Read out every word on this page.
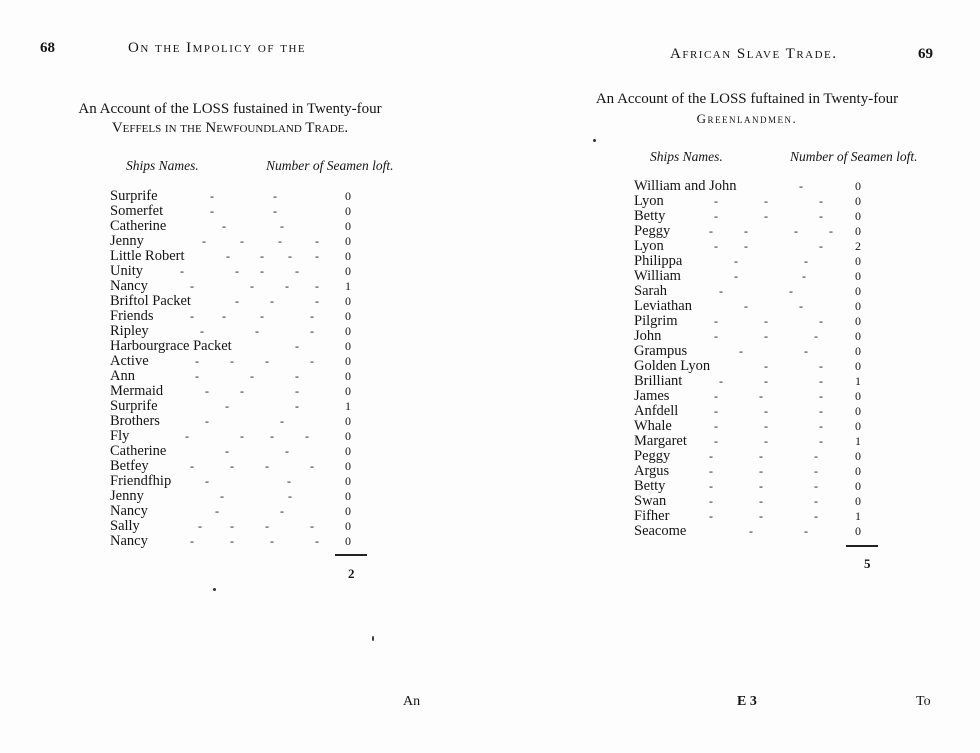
68	On the Impolicy of the
An Account of the LOSS fustained in Twenty-four
Veffels in the Newfoundland Trade.
Ships Names.	Number of Seamen loft.
Surprife	-	-	0
Somerfet	-	-	0
Catherine	-	-	0
Jenny	-	-	-	- 0
Little Robert	-	- - - 0
Unity	-	- -	-	0
Nancy	-	-	- - 1
Briftol Packet	-	-	- 0
Friends	- -	-	-	0
Ripley	-	-	-	0
Harbourgrace Packet	-	0
Active	-	-	-	-	0
Ann	-	-	-	0
Mermaid	-	-	-	0
Surprife	-	-	1
Brothers	-	-	0
Fly	-	- -	-	0
Catherine	-	-	0
Betfey	-	-	-	-	0
Friendfhip	-	-	0
Jenny	-	-	0
Nancy	-	-	0
Sally	- -	-	-	0
Nancy	-	-	-	- 0
2
An
African Slave Trade.	69
An Account of the LOSS fuftained in Twenty-four
Greenlandmen.
Ships Names.	Number of Seamen loft.
William and John	-	0
Lyon	-	-	-	0
Betty	-	-	-	0
Peggy	-	-	-	- 0
Lyon	- -	-	2
Philippa	-	-	0
William	-	-	0
Sarah	-	-	0
Leviathan	-	-	0
Pilgrim	-	-	-	0
John	-	-	-	0
Grampus	-	-	0
Golden Lyon	-	-	0
Brilliant	-	-	-	1
James	-	-	-	0
Anfdell	-	-	-	0
Whale	-	-	-	0
Margaret -	-	-	1
Peggy	-	-	-	0
Argus	-	-	-	0
Betty	-	-	-	0
Swan	-	-	-	0
Fifher	-	-	-	1
Seacome	-	-	0
5
E 3	To
